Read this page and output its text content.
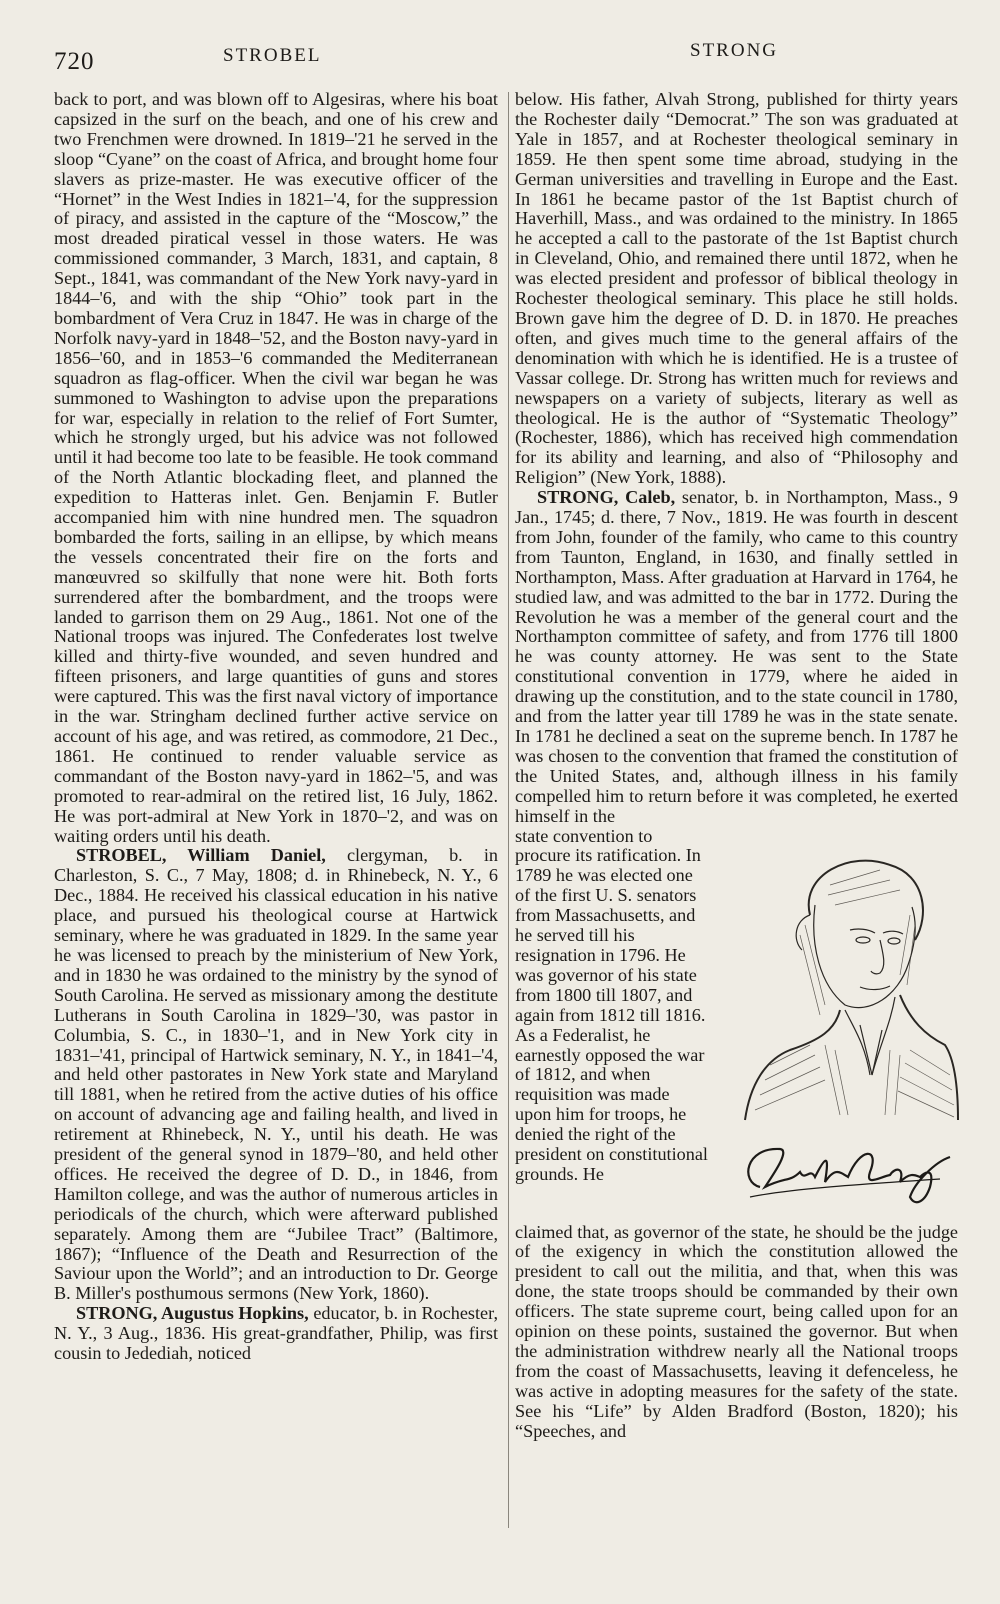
720	STROBEL	STRONG

back to port, and was blown off to Algesiras, where his boat capsized in the surf on the beach, and one of his crew and two Frenchmen were drowned. In 1819–'21 he served in the sloop “Cyane” on the coast of Africa, and brought home four slavers as prize-master. He was executive officer of the “Hornet” in the West Indies in 1821–'4, for the suppression of piracy, and assisted in the capture of the “Moscow,” the most dreaded piratical vessel in those waters. He was commissioned commander, 3 March, 1831, and captain, 8 Sept., 1841, was commandant of the New York navy-yard in 1844–'6, and with the ship “Ohio” took part in the bombardment of Vera Cruz in 1847. He was in charge of the Norfolk navy-yard in 1848–'52, and the Boston navy-yard in 1856–'60, and in 1853–'6 commanded the Mediterranean squadron as flag-officer. When the civil war began he was summoned to Washington to advise upon the preparations for war, especially in relation to the relief of Fort Sumter, which he strongly urged, but his advice was not followed until it had become too late to be feasible. He took command of the North Atlantic blockading fleet, and planned the expedition to Hatteras inlet. Gen. Benjamin F. Butler accompanied him with nine hundred men. The squadron bombarded the forts, sailing in an ellipse, by which means the vessels concentrated their fire on the forts and manœuvred so skilfully that none were hit. Both forts surrendered after the bombardment, and the troops were landed to garrison them on 29 Aug., 1861. Not one of the National troops was injured. The Confederates lost twelve killed and thirty-five wounded, and seven hundred and fifteen prisoners, and large quantities of guns and stores were captured. This was the first naval victory of importance in the war. Stringham declined further active service on account of his age, and was retired, as commodore, 21 Dec., 1861. He continued to render valuable service as commandant of the Boston navy-yard in 1862–'5, and was promoted to rear-admiral on the retired list, 16 July, 1862. He was port-admiral at New York in 1870–'2, and was on waiting orders until his death.

STROBEL, William Daniel, clergyman, b. in Charleston, S. C., 7 May, 1808; d. in Rhinebeck, N. Y., 6 Dec., 1884. He received his classical education in his native place, and pursued his theological course at Hartwick seminary, where he was graduated in 1829. In the same year he was licensed to preach by the ministerium of New York, and in 1830 he was ordained to the ministry by the synod of South Carolina. He served as missionary among the destitute Lutherans in South Carolina in 1829–'30, was pastor in Columbia, S. C., in 1830–'1, and in New York city in 1831–'41, principal of Hartwick seminary, N. Y., in 1841–'4, and held other pastorates in New York state and Maryland till 1881, when he retired from the active duties of his office on account of advancing age and failing health, and lived in retirement at Rhinebeck, N. Y., until his death. He was president of the general synod in 1879–'80, and held other offices. He received the degree of D. D., in 1846, from Hamilton college, and was the author of numerous articles in periodicals of the church, which were afterward published separately. Among them are “Jubilee Tract” (Baltimore, 1867); “Influence of the Death and Resurrection of the Saviour upon the World”; and an introduction to Dr. George B. Miller's posthumous sermons (New York, 1860).

STRONG, Augustus Hopkins, educator, b. in Rochester, N. Y., 3 Aug., 1836. His great-grandfather, Philip, was first cousin to Jedediah, noticed

below. His father, Alvah Strong, published for thirty years the Rochester daily “Democrat.” The son was graduated at Yale in 1857, and at Rochester theological seminary in 1859. He then spent some time abroad, studying in the German universities and travelling in Europe and the East. In 1861 he became pastor of the 1st Baptist church of Haverhill, Mass., and was ordained to the ministry. In 1865 he accepted a call to the pastorate of the 1st Baptist church in Cleveland, Ohio, and remained there until 1872, when he was elected president and professor of biblical theology in Rochester theological seminary. This place he still holds. Brown gave him the degree of D. D. in 1870. He preaches often, and gives much time to the general affairs of the denomination with which he is identified. He is a trustee of Vassar college. Dr. Strong has written much for reviews and newspapers on a variety of subjects, literary as well as theological. He is the author of “Systematic Theology” (Rochester, 1886), which has received high commendation for its ability and learning, and also of “Philosophy and Religion” (New York, 1888).

STRONG, Caleb, senator, b. in Northampton, Mass., 9 Jan., 1745; d. there, 7 Nov., 1819. He was fourth in descent from John, founder of the family, who came to this country from Taunton, England, in 1630, and finally settled in Northampton, Mass. After graduation at Harvard in 1764, he studied law, and was admitted to the bar in 1772. During the Revolution he was a member of the general court and the Northampton committee of safety, and from 1776 till 1800 he was county attorney. He was sent to the State constitutional convention in 1779, where he aided in drawing up the constitution, and to the state council in 1780, and from the latter year till 1789 he was in the state senate. In 1781 he declined a seat on the supreme bench. In 1787 he was chosen to the convention that framed the constitution of the United States, and, although illness in his family compelled him to return before it was completed, he exerted himself in the

state convention to procure its ratification. In 1789 he was elected one of the first U. S. senators from Massachusetts, and he served till his resignation in 1796. He was governor of his state from 1800 till 1807, and again from 1812 till 1816. As a Federalist, he earnestly opposed the war of 1812, and when requisition was made upon him for troops, he denied the right of the president on constitutional grounds. He

claimed that, as governor of the state, he should be the judge of the exigency in which the constitution allowed the president to call out the militia, and that, when this was done, the state troops should be commanded by their own officers. The state supreme court, being called upon for an opinion on these points, sustained the governor. But when the administration withdrew nearly all the National troops from the coast of Massachusetts, leaving it defenceless, he was active in adopting measures for the safety of the state. See his “Life” by Alden Bradford (Boston, 1820); his “Speeches, and
